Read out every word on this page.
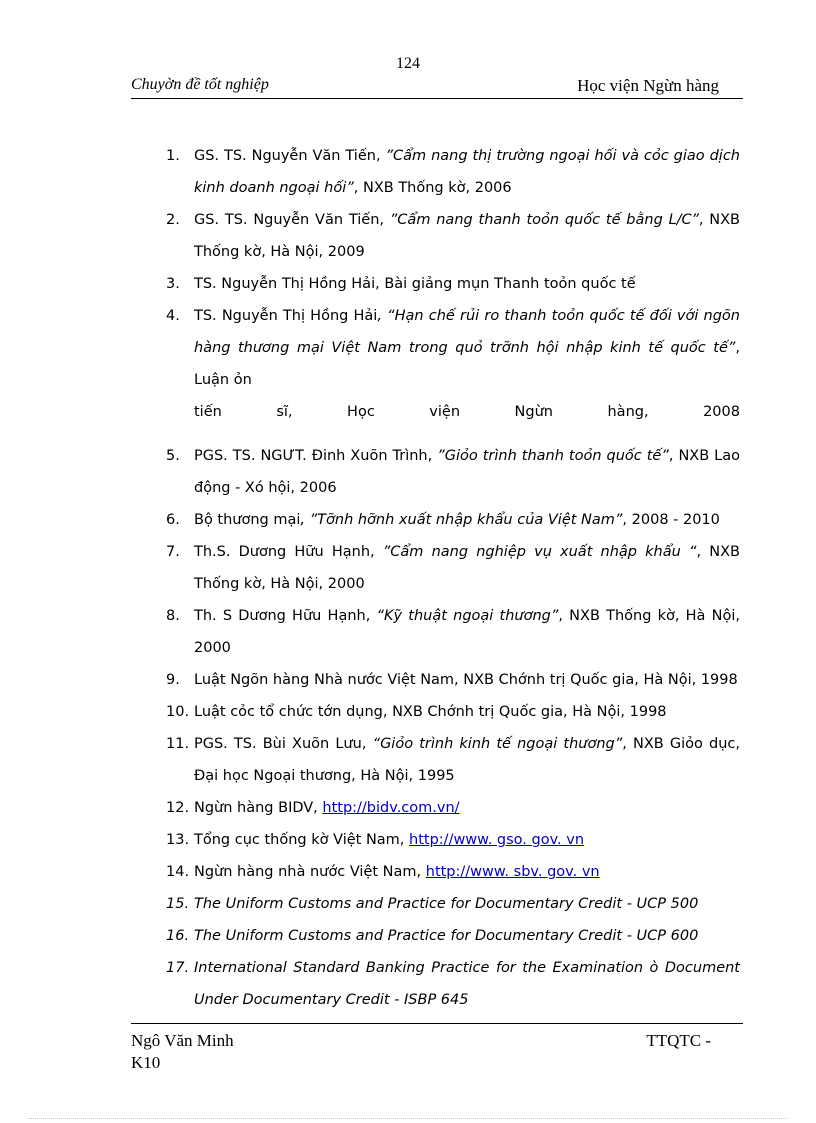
124
Chuyờn đề tốt nghiệp	Học viện Ngừn hàng
1. GS. TS. Nguyễn Văn Tiến, ”Cẩm nang thị trường ngoại hối và cỏc giao dịch kinh doanh ngoại hối”, NXB Thống kờ, 2006
2. GS. TS. Nguyễn Văn Tiến, ”Cẩm nang thanh toỏn quốc tế bằng L/C”, NXB Thống kờ, Hà Nội, 2009
3. TS. Nguyễn Thị Hồng Hải, Bài giảng mụn Thanh toỏn quốc tế
4. TS. Nguyễn Thị Hồng Hải, “Hạn chế rủi ro thanh toỏn quốc tế đối với ngõn hàng thương mại Việt Nam trong quỏ trỡnh hội nhập kinh tế quốc tế”, Luận ỏn
tiến sĩ, Học viện Ngừn hàng, 2008
5. PGS. TS. NGƯT. Đinh Xuõn Trình, ”Giỏo trình thanh toỏn quốc tế”, NXB Lao động - Xó hội, 2006
6. Bộ thương mại, ”Tỡnh hỡnh xuất nhập khẩu của Việt Nam”, 2008 - 2010
7. Th.S. Dương Hữu Hạnh, ”Cẩm nang nghiệp vụ xuất nhập khẩu “, NXB Thống kờ, Hà Nội, 2000
8. Th. S Dương Hữu Hạnh, “Kỹ thuật ngoại thương”, NXB Thống kờ, Hà Nội, 2000
9. Luật Ngõn hàng Nhà nước Việt Nam, NXB Chớnh trị Quốc gia, Hà Nội, 1998
10. Luật cỏc tổ chức tớn dụng, NXB Chớnh trị Quốc gia, Hà Nội, 1998
11. PGS. TS. Bùi Xuõn Lưu, “Giỏo trình kinh tế ngoại thương”, NXB Giỏo dục, Đại học Ngoại thương, Hà Nội, 1995
12. Ngừn hàng BIDV, http://bidv.com.vn/
13. Tổng cục thống kờ Việt Nam, http://www. gso. gov. vn
14. Ngừn hàng nhà nước Việt Nam, http://www. sbv. gov. vn
15. The Uniform Customs and Practice for Documentary Credit - UCP 500
16. The Uniform Customs and Practice for Documentary Credit - UCP 600
17. International Standard Banking Practice for the Examination ò Document Under Documentary Credit - ISBP 645
Ngô Văn Minh	TTQTC -
K10
